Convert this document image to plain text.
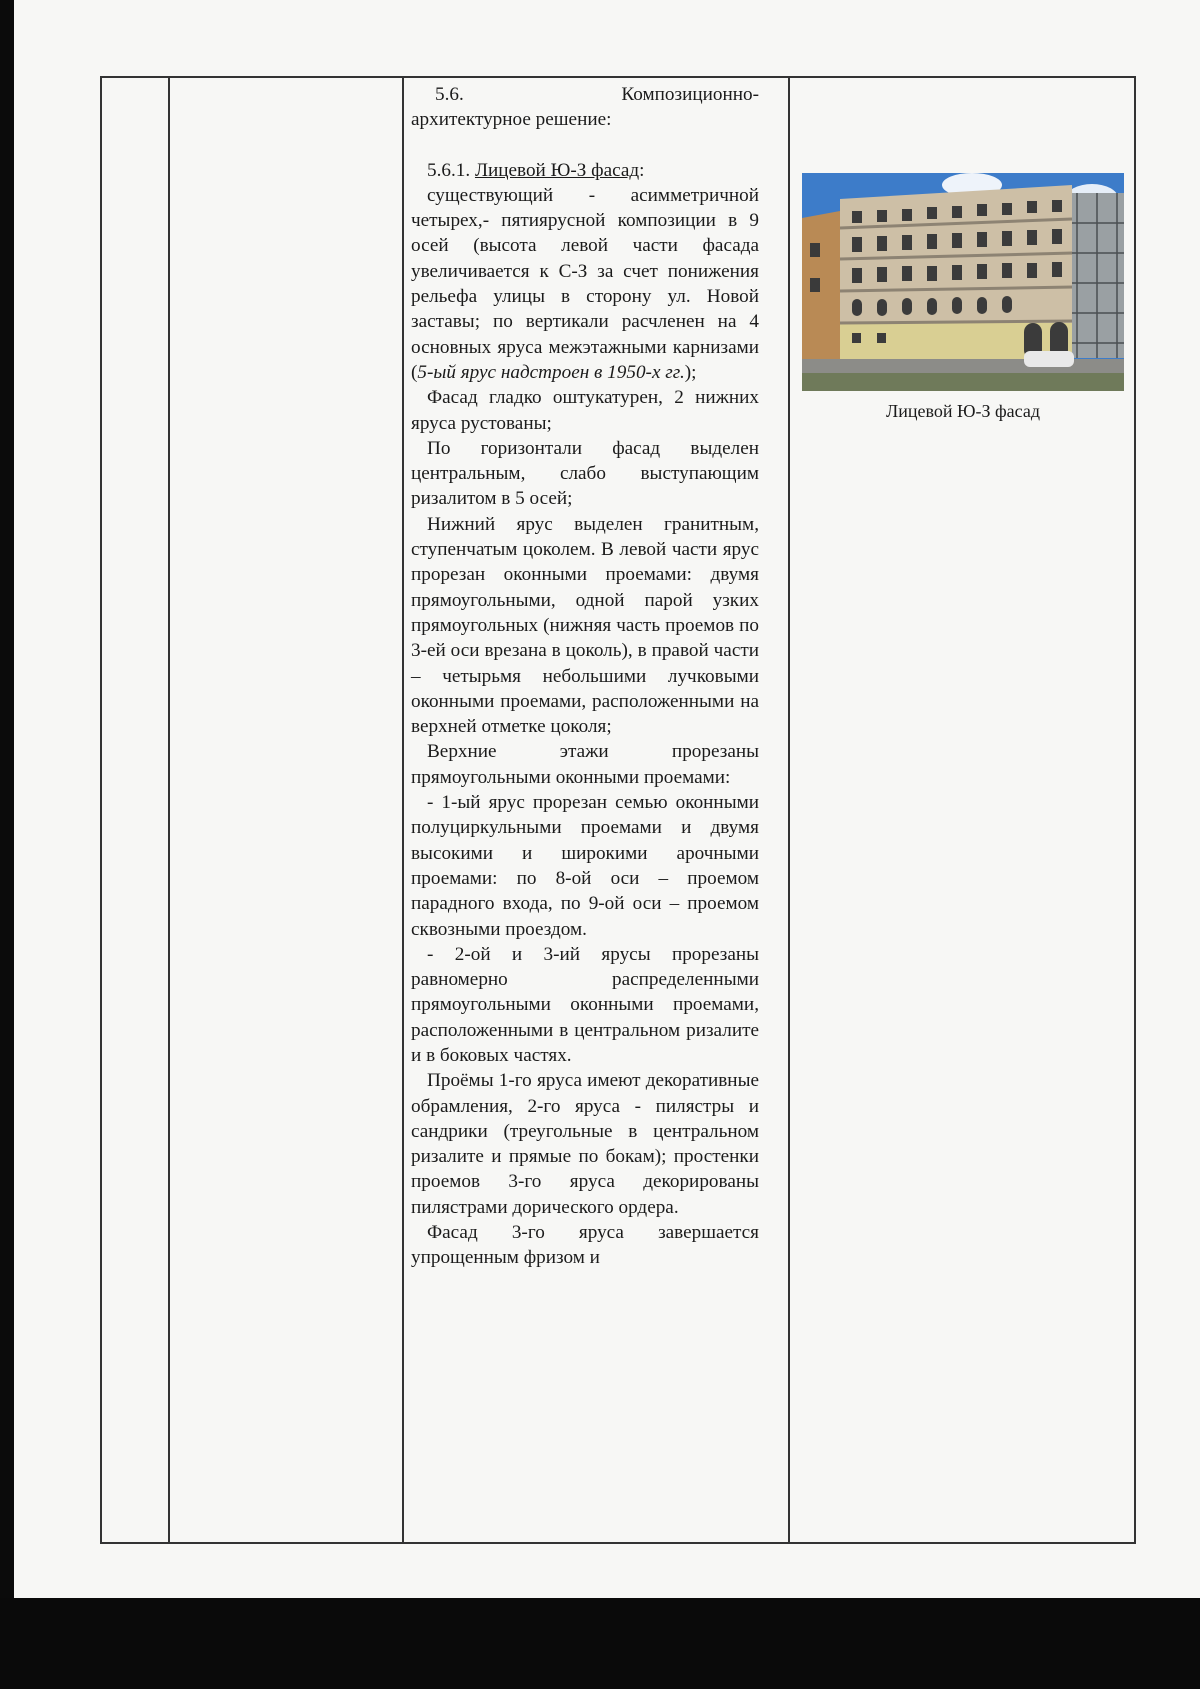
5.6.	Композиционно-

архитектурное решение:

5.6.1. Лицевой Ю-З фасад:

существующий - асимметричной четырех,- пятиярусной композиции в 9 осей (высота левой части фасада увеличивается к С-З за счет понижения рельефа улицы в сторону ул. Новой заставы; по вертикали расчленен на 4 основных яруса межэтажными карнизами (5-ый ярус надстроен в 1950-х гг.);

Фасад гладко оштукатурен, 2 нижних яруса рустованы;

По горизонтали фасад выделен центральным, слабо выступающим ризалитом в 5 осей;

Нижний ярус выделен гранитным, ступенчатым цоколем. В левой части ярус прорезан оконными проемами: двумя прямоугольными, одной парой узких прямоугольных (нижняя часть проемов по 3-ей оси врезана в цоколь), в правой части – четырьмя небольшими лучковыми оконными проемами, расположенными на верхней отметке цоколя;

Верхние этажи прорезаны прямоугольными оконными проемами:

- 1-ый ярус прорезан семью оконными полуциркульными проемами и двумя высокими и широкими арочными проемами: по 8-ой оси – проемом парадного входа, по 9-ой оси – проемом сквозными проездом.

- 2-ой и 3-ий ярусы прорезаны равномерно распределенными прямоугольными оконными проемами, расположенными в центральном ризалите и в боковых частях.

Проёмы 1-го яруса имеют декоративные обрамления, 2-го яруса - пилястры и сандрики (треугольные в центральном ризалите и прямые по бокам); простенки проемов 3-го яруса декорированы пилястрами дорического ордера.

Фасад 3-го яруса завершается упрощенным фризом и

Лицевой Ю-З фасад
